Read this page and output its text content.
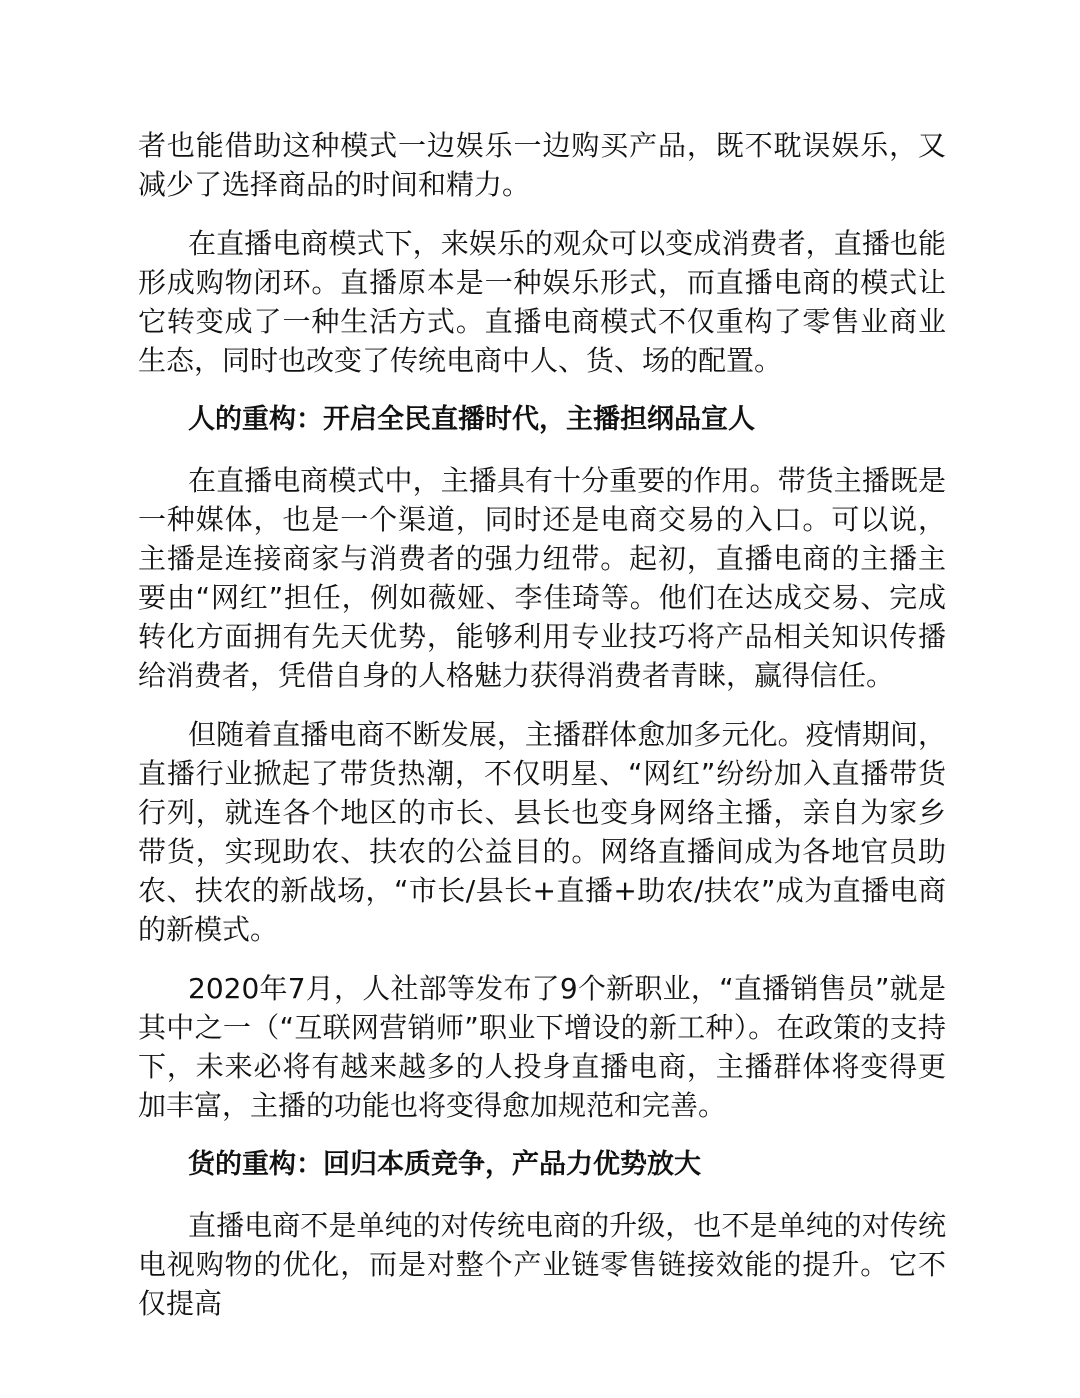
者也能借助这种模式一边娱乐一边购买产品，既不耽误娱乐，又减少了选择商品的时间和精力。

在直播电商模式下，来娱乐的观众可以变成消费者，直播也能形成购物闭环。直播原本是一种娱乐形式，而直播电商的模式让它转变成了一种生活方式。直播电商模式不仅重构了零售业商业生态，同时也改变了传统电商中人、货、场的配置。

人的重构：开启全民直播时代，主播担纲品宣人

在直播电商模式中，主播具有十分重要的作用。带货主播既是一种媒体，也是一个渠道，同时还是电商交易的入口。可以说，主播是连接商家与消费者的强力纽带。起初，直播电商的主播主要由“网红”担任，例如薇娅、李佳琦等。他们在达成交易、完成转化方面拥有先天优势，能够利用专业技巧将产品相关知识传播给消费者，凭借自身的人格魅力获得消费者青睐，赢得信任。

但随着直播电商不断发展，主播群体愈加多元化。疫情期间，直播行业掀起了带货热潮，不仅明星、“网红”纷纷加入直播带货行列，就连各个地区的市长、县长也变身网络主播，亲自为家乡带货，实现助农、扶农的公益目的。网络直播间成为各地官员助农、扶农的新战场，“市长/县长+直播+助农/扶农”成为直播电商的新模式。

2020年7月，人社部等发布了9个新职业，“直播销售员”就是其中之一（“互联网营销师”职业下增设的新工种）。在政策的支持下，未来必将有越来越多的人投身直播电商，主播群体将变得更加丰富，主播的功能也将变得愈加规范和完善。

货的重构：回归本质竞争，产品力优势放大

直播电商不是单纯的对传统电商的升级，也不是单纯的对传统电视购物的优化，而是对整个产业链零售链接效能的提升。它不仅提高
